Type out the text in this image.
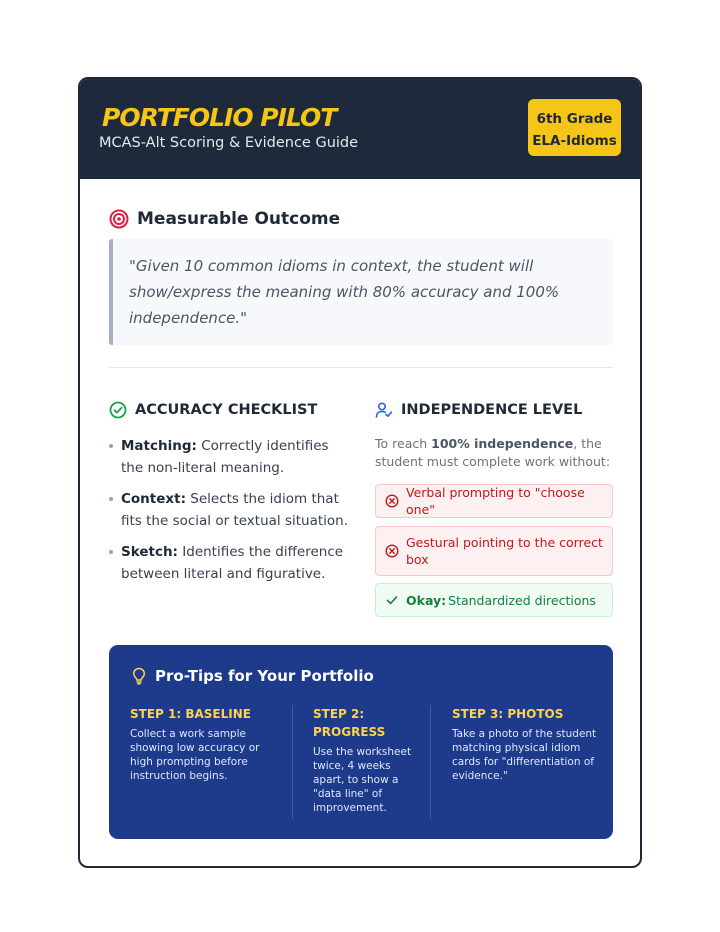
PORTFOLIO PILOT
MCAS-Alt Scoring & Evidence Guide
6th Grade
ELA-Idioms
Measurable Outcome
"Given 10 common idioms in context, the student will show/express the meaning with 80% accuracy and 100% independence."
ACCURACY CHECKLIST
Matching: Correctly identifies the non-literal meaning.
Context: Selects the idiom that fits the social or textual situation.
Sketch: Identifies the difference between literal and figurative.
INDEPENDENCE LEVEL
To reach 100% independence, the student must complete work without:
Verbal prompting to "choose one"
Gestural pointing to the correct box
Okay: Standardized directions
Pro-Tips for Your Portfolio
STEP 1: BASELINE
Collect a work sample showing low accuracy or high prompting before instruction begins.
STEP 2: PROGRESS
Use the worksheet twice, 4 weeks apart, to show a "data line" of improvement.
STEP 3: PHOTOS
Take a photo of the student matching physical idiom cards for "differentiation of evidence."
